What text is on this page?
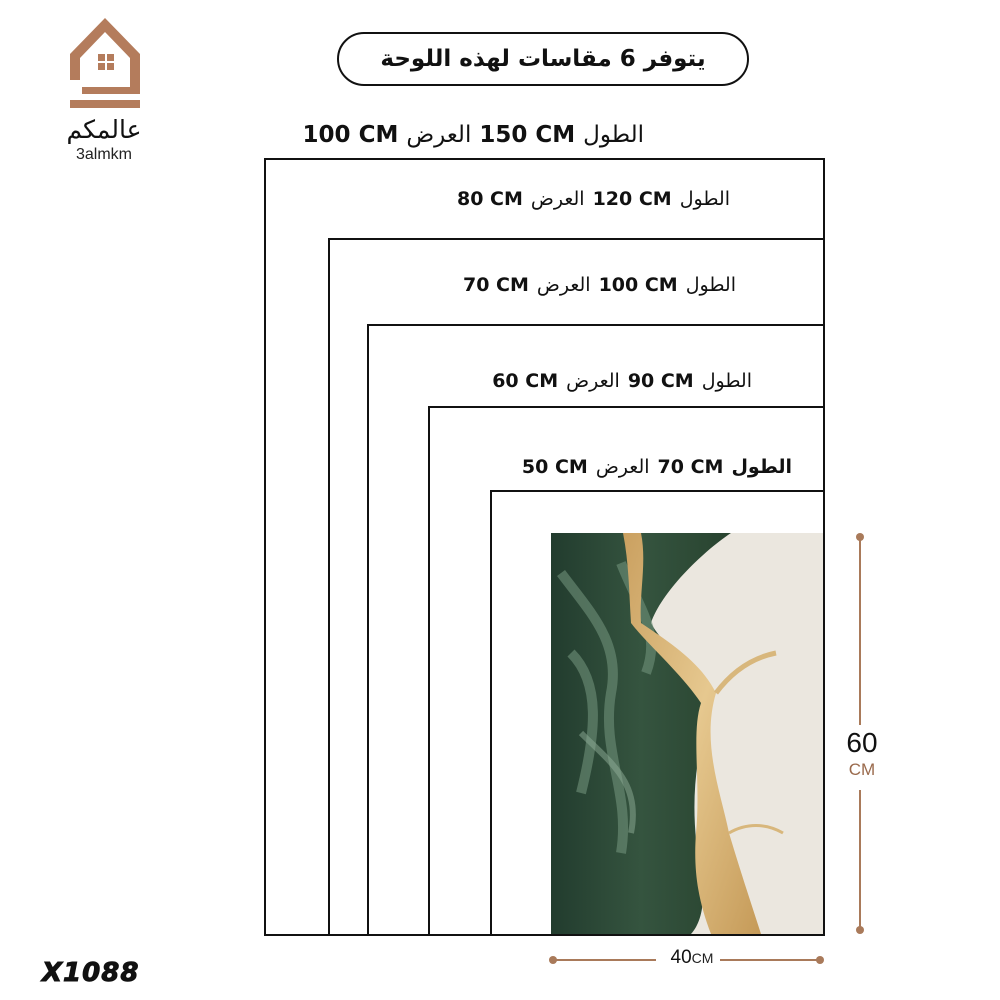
عالمكم
3almkm
يتوفر 6 مقاسات لهذه اللوحة
الطول
150 CM
العرض
100 CM
الطول
120 CM
العرض
80 CM
الطول
100 CM
العرض
70 CM
الطول
90 CM
العرض
60 CM
الطول
70 CM
العرض
50 CM
60
CM
40CM
X1088
